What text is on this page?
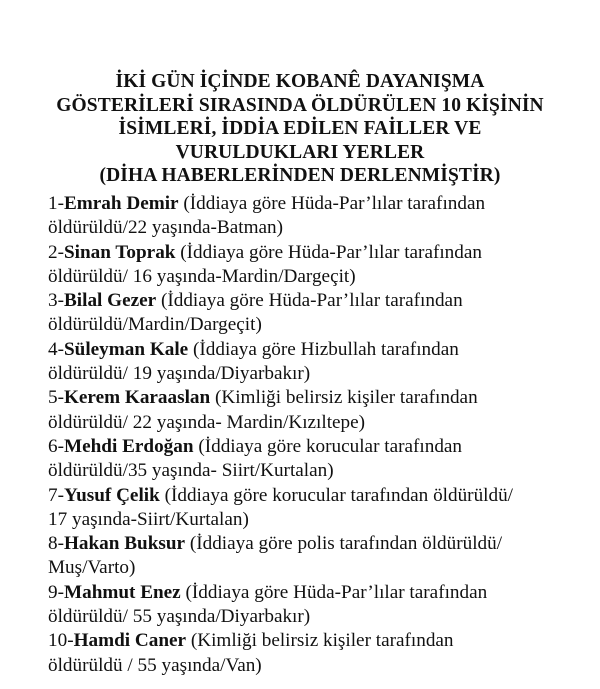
İKİ GÜN İÇİNDE KOBANÊ DAYANIŞMA
GÖSTERİLERİ SIRASINDA ÖLDÜRÜLEN 10 KİŞİNİN
İSİMLERİ, İDDİA EDİLEN FAİLLER VE
VURULDUKLARI YERLER
(DİHA HABERLERİNDEN DERLENMİŞTİR)
1-Emrah Demir (İddiaya göre Hüda-Par’lılar tarafından
öldürüldü/22 yaşında-Batman)
2-Sinan Toprak (İddiaya göre Hüda-Par’lılar tarafından
öldürüldü/ 16 yaşında-Mardin/Dargeçit)
3-Bilal Gezer (İddiaya göre Hüda-Par’lılar tarafından
öldürüldü/Mardin/Dargeçit)
4-Süleyman Kale (İddiaya göre Hizbullah tarafından
öldürüldü/ 19 yaşında/Diyarbakır)
5-Kerem Karaaslan (Kimliği belirsiz kişiler tarafından
öldürüldü/ 22 yaşında- Mardin/Kızıltepe)
6-Mehdi Erdoğan (İddiaya göre korucular tarafından
öldürüldü/35 yaşında- Siirt/Kurtalan)
7-Yusuf Çelik (İddiaya göre korucular tarafından öldürüldü/
17 yaşında-Siirt/Kurtalan)
8-Hakan Buksur (İddiaya göre polis tarafından öldürüldü/
Muş/Varto)
9-Mahmut Enez (İddiaya göre Hüda-Par’lılar tarafından
öldürüldü/ 55 yaşında/Diyarbakır)
10-Hamdi Caner (Kimliği belirsiz kişiler tarafından
öldürüldü / 55 yaşında/Van)
